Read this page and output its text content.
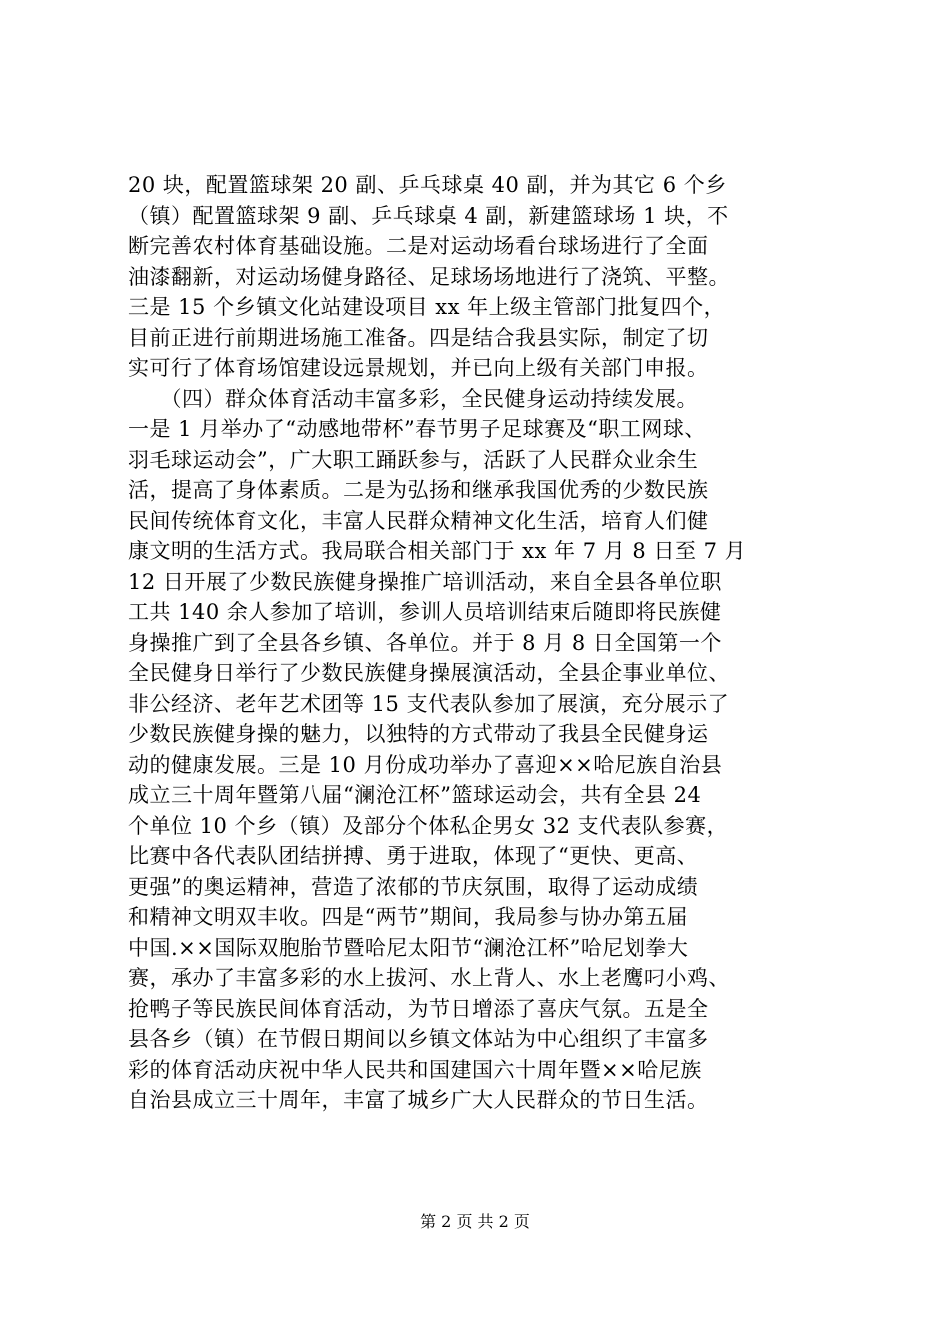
20 块，配置篮球架 20 副、乒乓球桌 40 副，并为其它 6 个乡
（镇）配置篮球架 9 副、乒乓球桌 4 副，新建篮球场 1 块，不
断完善农村体育基础设施。二是对运动场看台球场进行了全面
油漆翻新，对运动场健身路径、足球场场地进行了浇筑、平整。
三是 15 个乡镇文化站建设项目 xx 年上级主管部门批复四个，
目前正进行前期进场施工准备。四是结合我县实际，制定了切
实可行了体育场馆建设远景规划，并已向上级有关部门申报。
　　（四）群众体育活动丰富多彩，全民健身运动持续发展。
一是 1 月举办了“动感地带杯”春节男子足球赛及“职工网球、
羽毛球运动会”，广大职工踊跃参与，活跃了人民群众业余生
活，提高了身体素质。二是为弘扬和继承我国优秀的少数民族
民间传统体育文化，丰富人民群众精神文化生活，培育人们健
康文明的生活方式。我局联合相关部门于 xx 年 7 月 8 日至 7 月
12 日开展了少数民族健身操推广培训活动，来自全县各单位职
工共 140 余人参加了培训，参训人员培训结束后随即将民族健
身操推广到了全县各乡镇、各单位。并于 8 月 8 日全国第一个
全民健身日举行了少数民族健身操展演活动，全县企事业单位、
非公经济、老年艺术团等 15 支代表队参加了展演，充分展示了
少数民族健身操的魅力，以独特的方式带动了我县全民健身运
动的健康发展。三是 10 月份成功举办了喜迎××哈尼族自治县
成立三十周年暨第八届“澜沧江杯”篮球运动会，共有全县 24
个单位 10 个乡（镇）及部分个体私企男女 32 支代表队参赛，
比赛中各代表队团结拼搏、勇于进取，体现了“更快、更高、
更强”的奥运精神，营造了浓郁的节庆氛围，取得了运动成绩
和精神文明双丰收。四是“两节”期间，我局参与协办第五届
中国.××国际双胞胎节暨哈尼太阳节“澜沧江杯”哈尼划拳大
赛，承办了丰富多彩的水上拔河、水上背人、水上老鹰叼小鸡、
抢鸭子等民族民间体育活动，为节日增添了喜庆气氛。五是全
县各乡（镇）在节假日期间以乡镇文体站为中心组织了丰富多
彩的体育活动庆祝中华人民共和国建国六十周年暨××哈尼族
自治县成立三十周年，丰富了城乡广大人民群众的节日生活。
第 2 页 共 2 页
